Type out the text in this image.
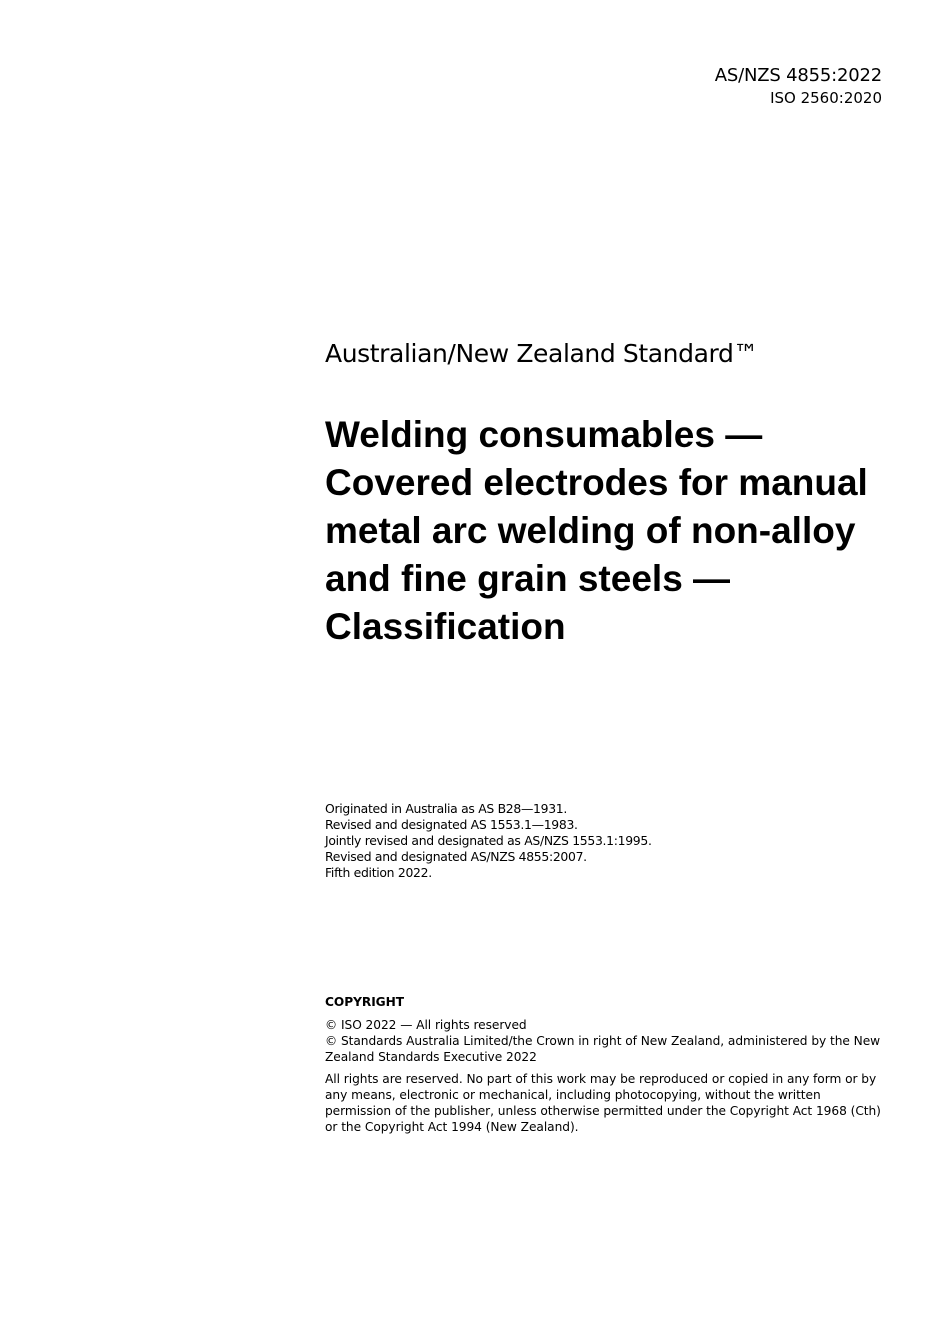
AS/NZS 4855:2022
ISO 2560:2020
Australian/New Zealand Standard™
Welding consumables — Covered electrodes for manual metal arc welding of non-alloy and fine grain steels — Classification
Originated in Australia as AS B28—1931.
Revised and designated AS 1553.1—1983.
Jointly revised and designated as AS/NZS 1553.1:1995.
Revised and designated AS/NZS 4855:2007.
Fifth edition 2022.
COPYRIGHT
© ISO 2022 — All rights reserved
© Standards Australia Limited/the Crown in right of New Zealand, administered by the New Zealand Standards Executive 2022
All rights are reserved. No part of this work may be reproduced or copied in any form or by any means, electronic or mechanical, including photocopying, without the written permission of the publisher, unless otherwise permitted under the Copyright Act 1968 (Cth) or the Copyright Act 1994 (New Zealand).
